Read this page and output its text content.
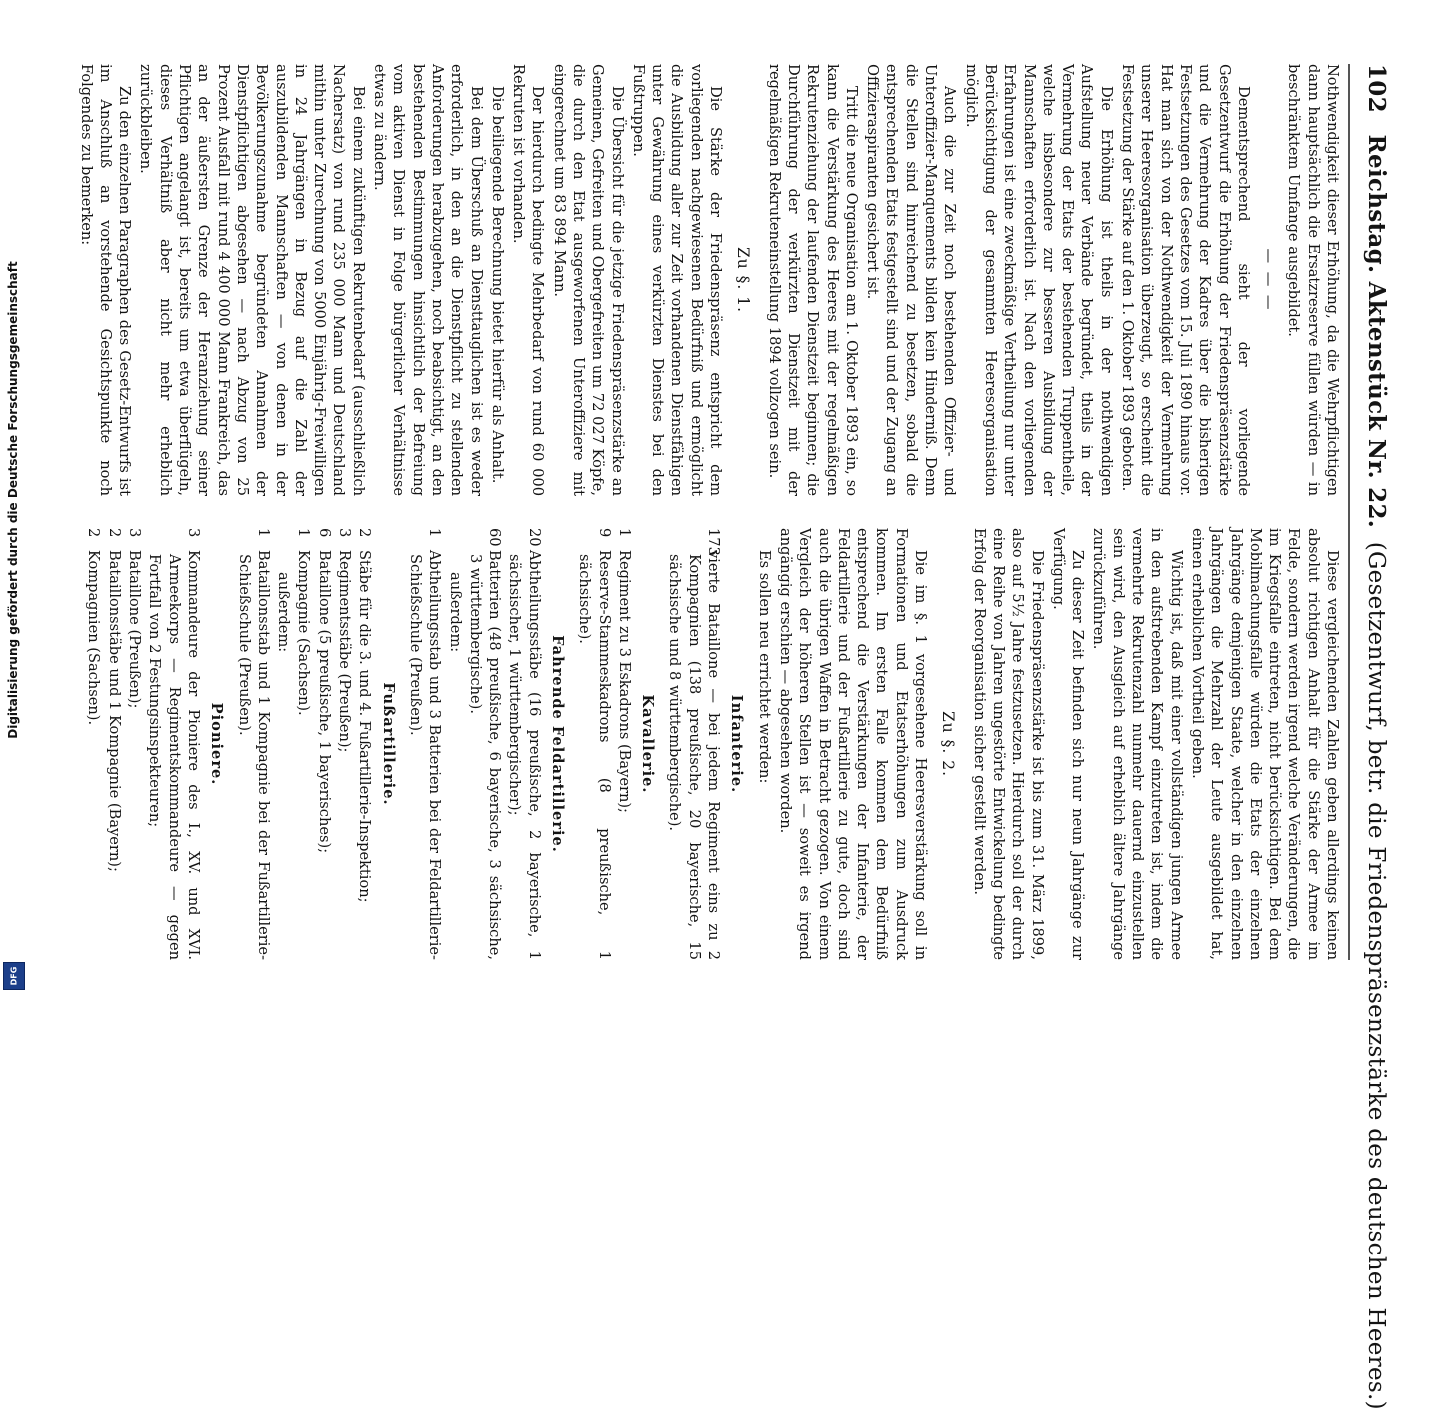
Digitalisierung gefördert durch die Deutsche Forschungsgemeinschaft
DFG
102 Reichstag. Aktenstück Nr. 22. (Gesetzentwurf, betr. die Friedenspräsenzstärke des deutschen Heeres.)

Nothwendigkeit dieser Erhöhung, da die Wehrpflichtigen dann hauptsächlich die Ersatzreserve füllen würden — in beschränktem Umfange ausgebildet.

— — —

Dementsprechend sieht der vorliegende Gesetzentwurf die Erhöhung der Friedenspräsenzstärke und die Vermehrung der Kadres über die bisherigen Festsetzungen des Gesetzes vom 15. Juli 1890 hinaus vor. Hat man sich von der Nothwendigkeit der Vermehrung unserer Heeresorganisation überzeugt, so erscheint die Festsetzung der Stärke auf den 1. Oktober 1893 geboten.

Die Erhöhung ist theils in der nothwendigen Aufstellung neuer Verbände begründet, theils in der Vermehrung der Etats der bestehenden Truppentheile, welche insbesondere zur besseren Ausbildung der Mannschaften erforderlich ist. Nach den vorliegenden Erfahrungen ist eine zweckmäßige Vertheilung nur unter Berücksichtigung der gesammten Heeresorganisation möglich.

Auch die zur Zeit noch bestehenden Offizier- und Unteroffizier-Manquements bilden kein Hinderniß. Denn die Stellen sind hinreichend zu besetzen, sobald die entsprechenden Etats festgestellt sind und der Zugang an Offizieraspiranten gesichert ist.

Tritt die neue Organisation am 1. Oktober 1893 ein, so kann die Verstärkung des Heeres mit der regelmäßigen Rekrutenziehung der laufenden Dienstzeit beginnen; die Durchführung der verkürzten Dienstzeit mit der regelmäßigen Rekruteneinstellung 1894 vollzogen sein.

Zu §. 1.

Die Stärke der Friedenspräsenz entspricht dem vorliegenden nachgewiesenen Bedürfniß und ermöglicht die Ausbildung aller zur Zeit vorhandenen Dienstfähigen unter Gewährung eines verkürzten Dienstes bei den Fußtruppen.

Die Übersicht für die jetzige Friedenspräsenzstärke an Gemeinen, Gefreiten und Obergefreiten um 72 027 Köpfe, die durch den Etat ausgeworfenen Unteroffiziere mit eingerechnet um 83 894 Mann.

Der hierdurch bedingte Mehrbedarf von rund 60 000 Rekruten ist vorhanden.

Die beiliegende Berechnung bietet hierfür als Anhalt.

Bei dem Überschuß an Diensttauglichen ist es weder erforderlich, in den an die Dienstpflicht zu stellenden Anforderungen herabzugehen, noch beabsichtigt, an den bestehenden Bestimmungen hinsichtlich der Befreiung vom aktiven Dienst in Folge bürgerlicher Verhältnisse etwas zu ändern.

Bei einem zukünftigen Rekrutenbedarf (ausschließlich Nachersatz) von rund 235 000 Mann und Deutschland mithin unter Zurechnung von 5000 Einjährig-Freiwilligen in 24 Jahrgängen in Bezug auf die Zahl der auszubildenden Mannschaften — von denen in der Bevölkerungszunahme begründeten Annahmen der Dienstpflichtigen abgesehen — nach Abzug von 25 Prozent Ausfall mit rund 4 400 000 Mann Frankreich, das an der äußersten Grenze der Heranziehung seiner Pflichtigen angelangt ist, bereits um etwa überflügeln, dieses Verhältniß aber nicht mehr erheblich zurückbleiben.

Zu den einzelnen Paragraphen des Gesetz-Entwurfs ist im Anschluß an vorstehende Gesichtspunkte noch Folgendes zu bemerken:

Diese vergleichenden Zahlen geben allerdings keinen absolut richtigen Anhalt für die Stärke der Armee im Felde, sondern werden irgend welche Veränderungen, die im Kriegsfalle eintreten, nicht berücksichtigen. Bei dem Mobilmachungsfalle würden die Etats der einzelnen Jahrgänge demjenigen Staate, welcher in den einzelnen Jahrgängen die Mehrzahl der Leute ausgebildet hat, einen erheblichen Vortheil geben.

Wichtig ist, daß mit einer vollständigen jungen Armee in den aufstrebenden Kampf einzutreten ist, indem die vermehrte Rekrutenzahl nunmehr dauernd einzustellen sein wird, den Ausgleich auf erheblich ältere Jahrgänge zurückzuführen.

Zu dieser Zeit befinden sich nur neun Jahrgänge zur Verfügung.

Die Friedenspräsenzstärke ist bis zum 31. März 1899, also auf 5½ Jahre festzusetzen. Hierdurch soll der durch eine Reihe von Jahren ungestörte Entwickelung bedingte Erfolg der Reorganisation sicher gestellt werden.

Zu §. 2.

Die im §. 1 vorgesehene Heeresverstärkung soll in Formationen und Etatserhöhungen zum Ausdruck kommen. Im ersten Falle kommen dem Bedürfniß entsprechend die Verstärkungen der Infanterie, der Feldartillerie und der Fußartillerie zu gute, doch sind auch die übrigen Waffen in Betracht gezogen. Von einem Vergleich der höheren Stellen ist — soweit es irgend angängig erschien — abgesehen worden.

Es sollen neu errichtet werden:

Infanterie.
173vierte Bataillone — bei jedem Regiment eins zu 2 Kompagnien (138 preußische, 20 bayerische, 15 sächsische und 8 württembergische).
Kavallerie.
1Regiment zu 3 Eskadrons (Bayern);
9Reserve-Stammeskadrons (8 preußische, 1 sächsische).
Fahrende Feldartillerie.
20Abtheilungsstäbe (16 preußische, 2 bayerische, 1 sächsischer, 1 württembergischer);
60Batterien (48 preußische, 6 bayerische, 3 sächsische, 3 württembergische).
außerdem:
1Abtheilungsstab und 3 Batterien bei der Feldartillerie-Schießschule (Preußen).
Fußartillerie.
2Stäbe für die 3. und 4. Fußartillerie-Inspektion;
3Regimentsstäbe (Preußen);
6Bataillone (5 preußische, 1 bayerisches);
1Kompagnie (Sachsen).
außerdem:
1Bataillonsstab und 1 Kompagnie bei der Fußartillerie-Schießschule (Preußen).
Pioniere.
3Kommandeure der Pioniere des I., XV. und XVI. Armeekorps — Regimentskommandeure — gegen Fortfall von 2 Festungsinspekteuren;
3Bataillone (Preußen);
2Bataillonsstäbe und 1 Kompagnie (Bayern);
2Kompagnien (Sachsen).
